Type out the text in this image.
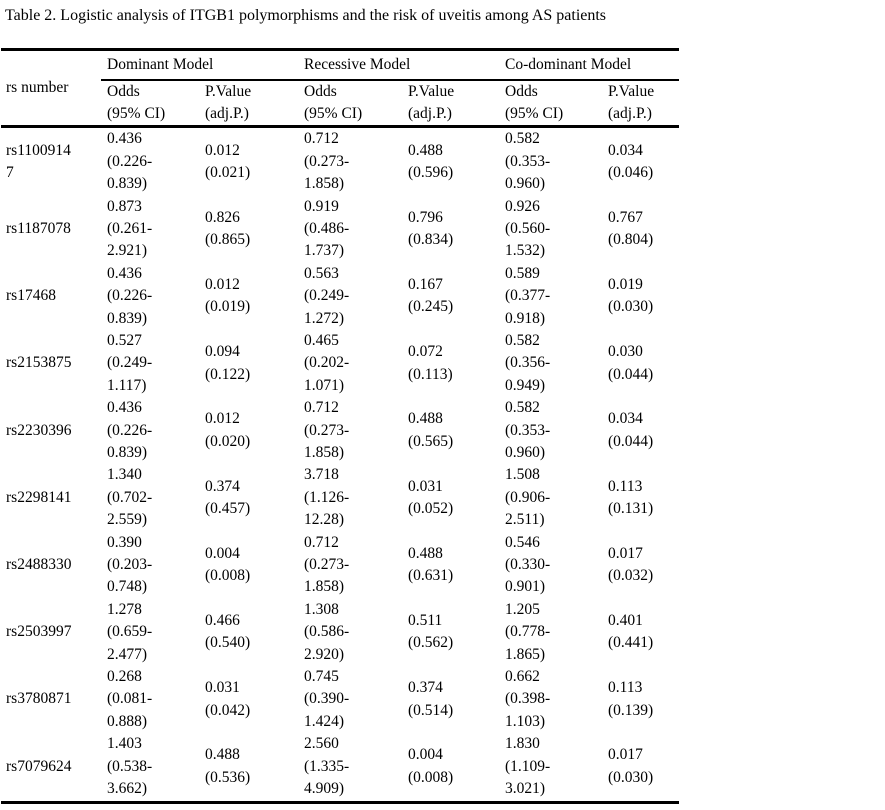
Table 2. Logistic analysis of ITGB1 polymorphisms and the risk of uveitis among AS patients
rs number	Dominant Model		Recessive Model		Co-dominant Model	
	Odds (95% CI)	P.Value (adj.P.)	Odds (95% CI)	P.Value (adj.P.)	Odds (95% CI)	P.Value (adj.P.)
rs11009147	0.436 (0.226-0.839)	0.012 (0.021)	0.712 (0.273-1.858)	0.488 (0.596)	0.582 (0.353-0.960)	0.034 (0.046)
rs1187078	0.873 (0.261-2.921)	0.826 (0.865)	0.919 (0.486-1.737)	0.796 (0.834)	0.926 (0.560-1.532)	0.767 (0.804)
rs17468	0.436 (0.226-0.839)	0.012 (0.019)	0.563 (0.249-1.272)	0.167 (0.245)	0.589 (0.377-0.918)	0.019 (0.030)
rs2153875	0.527 (0.249-1.117)	0.094 (0.122)	0.465 (0.202-1.071)	0.072 (0.113)	0.582 (0.356-0.949)	0.030 (0.044)
rs2230396	0.436 (0.226-0.839)	0.012 (0.020)	0.712 (0.273-1.858)	0.488 (0.565)	0.582 (0.353-0.960)	0.034 (0.044)
rs2298141	1.340 (0.702-2.559)	0.374 (0.457)	3.718 (1.126-12.28)	0.031 (0.052)	1.508 (0.906-2.511)	0.113 (0.131)
rs2488330	0.390 (0.203-0.748)	0.004 (0.008)	0.712 (0.273-1.858)	0.488 (0.631)	0.546 (0.330-0.901)	0.017 (0.032)
rs2503997	1.278 (0.659-2.477)	0.466 (0.540)	1.308 (0.586-2.920)	0.511 (0.562)	1.205 (0.778-1.865)	0.401 (0.441)
rs3780871	0.268 (0.081-0.888)	0.031 (0.042)	0.745 (0.390-1.424)	0.374 (0.514)	0.662 (0.398-1.103)	0.113 (0.139)
rs7079624	1.403 (0.538-3.662)	0.488 (0.536)	2.560 (1.335-4.909)	0.004 (0.008)	1.830 (1.109-3.021)	0.017 (0.030)
